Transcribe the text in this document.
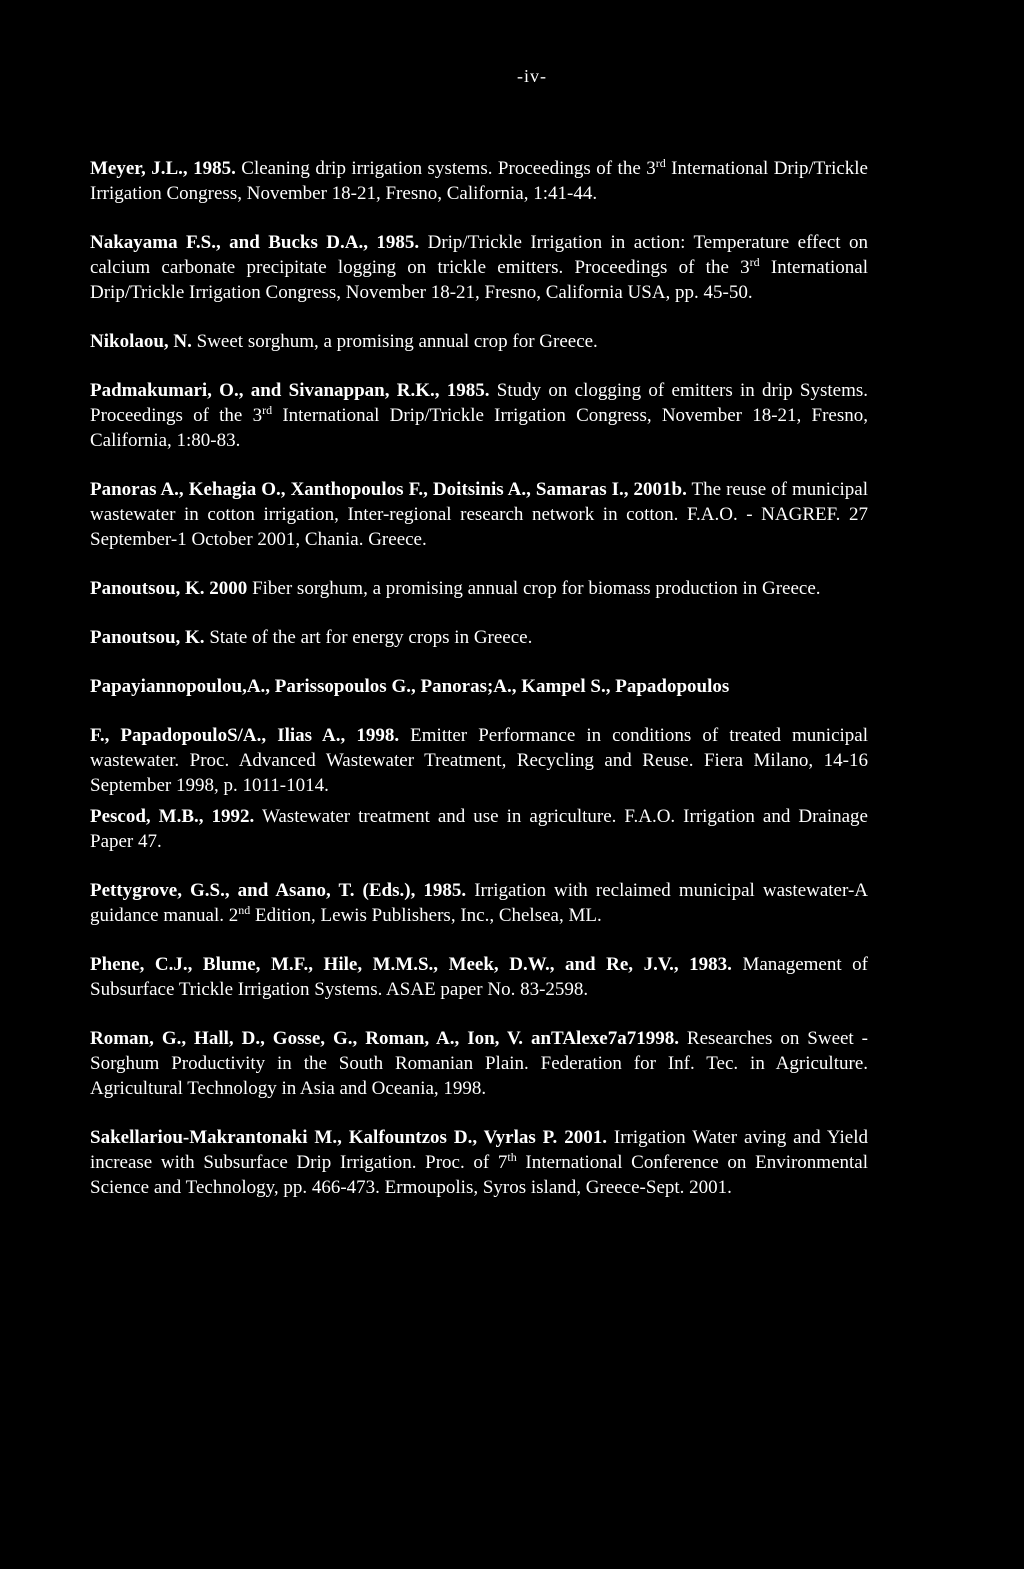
-iv-

Meyer, J.L., 1985. Cleaning drip irrigation systems. Proceedings of the 3rd International Drip/Trickle Irrigation Congress, November 18-21, Fresno, California, 1:41-44.

Nakayama F.S., and Bucks D.A., 1985. Drip/Trickle Irrigation in action: Temperature effect on calcium carbonate precipitate logging on trickle emitters. Proceedings of the 3rd International Drip/Trickle Irrigation Congress, November 18-21, Fresno, California USA, pp. 45-50.

Nikolaou, N. Sweet sorghum, a promising annual crop for Greece.

Padmakumari, O., and Sivanappan, R.K., 1985. Study on clogging of emitters in drip Systems. Proceedings of the 3rd International Drip/Trickle Irrigation Congress, November 18-21, Fresno, California, 1:80-83.

Panoras A., Kehagia O., Xanthopoulos F., Doitsinis A., Samaras I., 2001b. The reuse of municipal wastewater in cotton irrigation, Inter-regional research network in cotton. F.A.O. - NAGREF. 27 September-1 October 2001, Chania. Greece.

Panoutsou, K. 2000 Fiber sorghum, a promising annual crop for biomass production in Greece.

Panoutsou, K. State of the art for energy crops in Greece.

Papayiannopoulou,A., Parissopoulos G., Panoras;A., Kampel S., Papadopoulos

F., PapadopouloS/A., Ilias A., 1998. Emitter Performance in conditions of treated municipal wastewater. Proc. Advanced Wastewater Treatment, Recycling and Reuse. Fiera Milano, 14-16 September 1998, p. 1011-1014.

Pescod, M.B., 1992. Wastewater treatment and use in agriculture. F.A.O. Irrigation and Drainage Paper 47.

Pettygrove, G.S., and Asano, T. (Eds.), 1985. Irrigation with reclaimed municipal wastewater-A guidance manual. 2nd Edition, Lewis Publishers, Inc., Chelsea, ML.

Phene, C.J., Blume, M.F., Hile, M.M.S., Meek, D.W., and Re, J.V., 1983. Management of Subsurface Trickle Irrigation Systems. ASAE paper No. 83-2598.

Roman, G., Hall, D., Gosse, G., Roman, A., Ion, V. anTAlexe7a71998. Researches on Sweet - Sorghum Productivity in the South Romanian Plain. Federation for Inf. Tec. in Agriculture. Agricultural Technology in Asia and Oceania, 1998.

Sakellariou-Makrantonaki M., Kalfountzos D., Vyrlas P. 2001. Irrigation Water aving and Yield increase with Subsurface Drip Irrigation. Proc. of 7th International Conference on Environmental Science and Technology, pp. 466-473. Ermoupolis, Syros island, Greece-Sept. 2001.
